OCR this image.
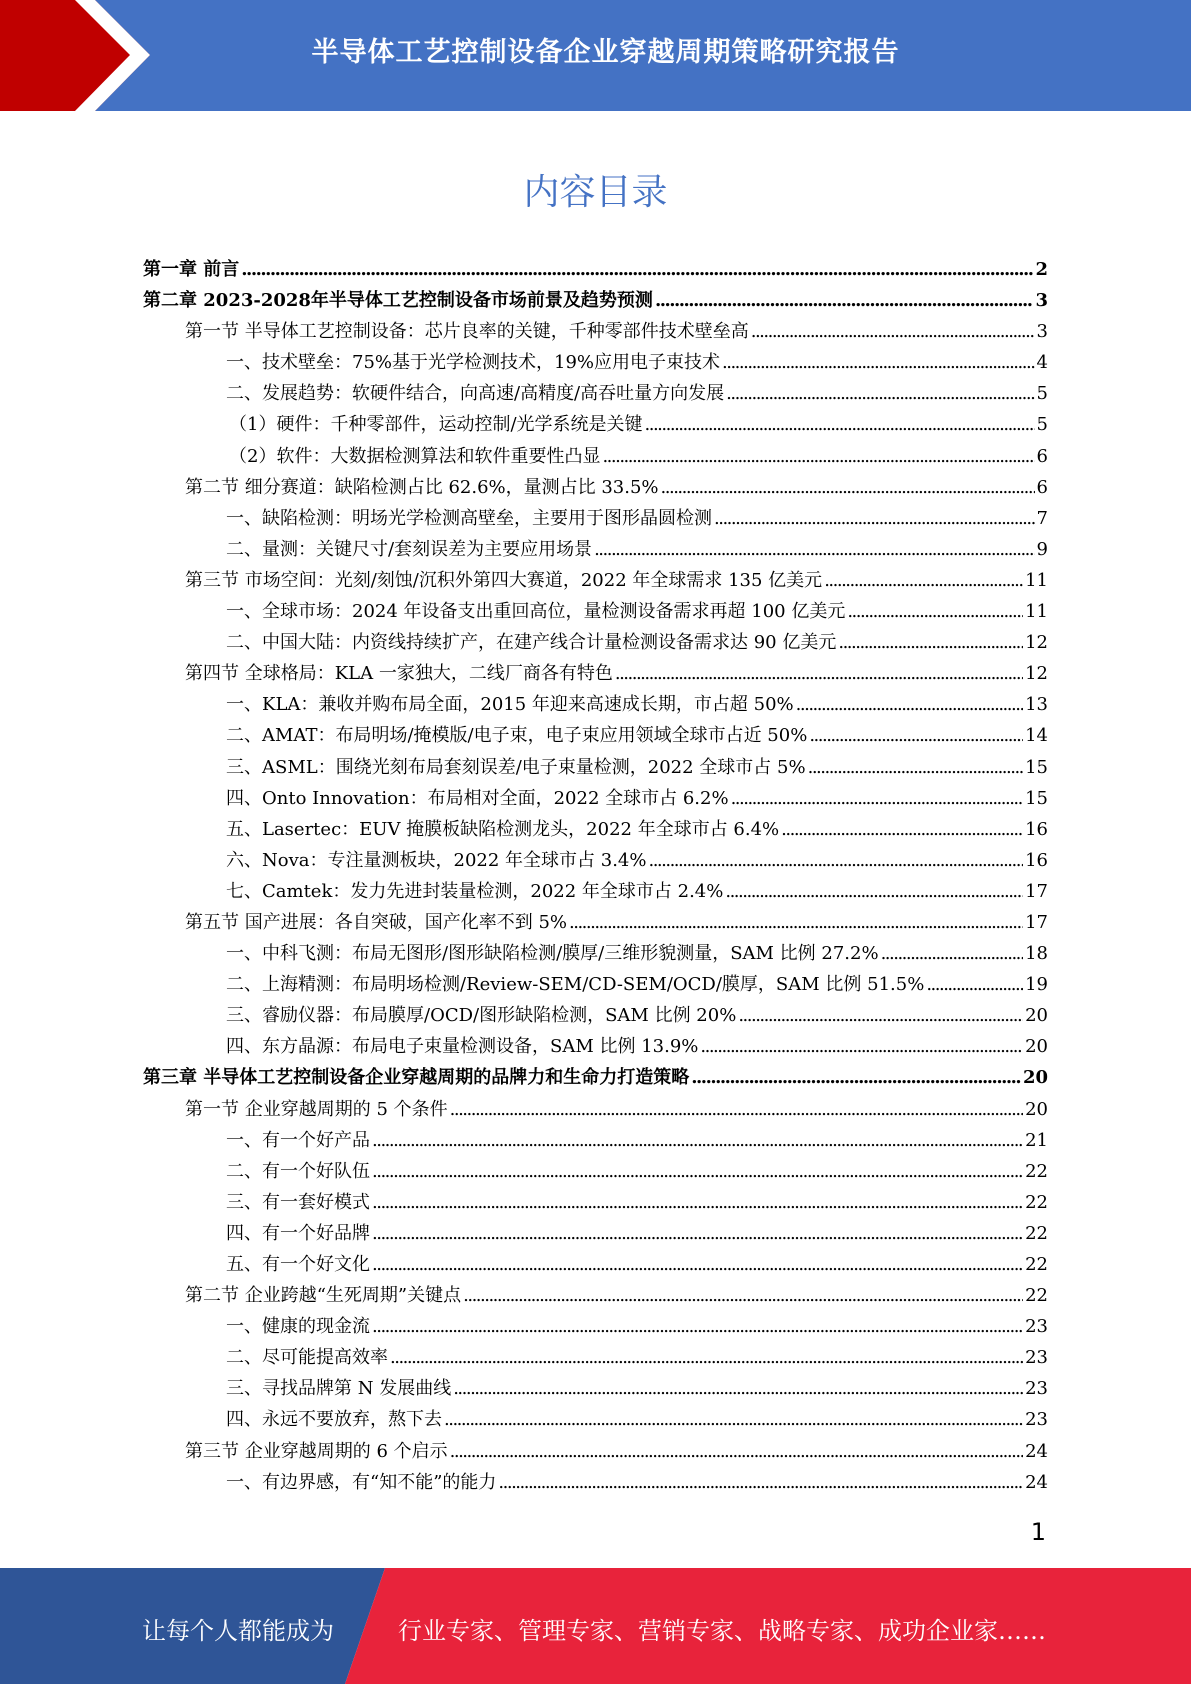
半导体工艺控制设备企业穿越周期策略研究报告
内容目录
第一章 前言 .....	2
第二章 2023-2028年半导体工艺控制设备市场前景及趋势预测 .....	3
第一节 半导体工艺控制设备：芯片良率的关键，千种零部件技术壁垒高 .....	3
一、技术壁垒：75%基于光学检测技术，19%应用电子束技术 .....	4
二、发展趋势：软硬件结合，向高速/高精度/高吞吐量方向发展 .....	5
（1）硬件：千种零部件，运动控制/光学系统是关键 .....	5
（2）软件：大数据检测算法和软件重要性凸显 .....	6
第二节 细分赛道：缺陷检测占比 62.6%，量测占比 33.5% .....	6
一、缺陷检测：明场光学检测高壁垒，主要用于图形晶圆检测 .....	7
二、量测：关键尺寸/套刻误差为主要应用场景 .....	9
第三节 市场空间：光刻/刻蚀/沉积外第四大赛道，2022 年全球需求 135 亿美元 .....	11
一、全球市场：2024 年设备支出重回高位，量检测设备需求再超 100 亿美元 .....	11
二、中国大陆：内资线持续扩产，在建产线合计量检测设备需求达 90 亿美元 .....	12
第四节 全球格局：KLA 一家独大，二线厂商各有特色 .....	12
一、KLA：兼收并购布局全面，2015 年迎来高速成长期，市占超 50% .....	13
二、AMAT：布局明场/掩模版/电子束，电子束应用领域全球市占近 50% .....	14
三、ASML：围绕光刻布局套刻误差/电子束量检测，2022 全球市占 5% .....	15
四、Onto Innovation：布局相对全面，2022 全球市占 6.2% .....	15
五、Lasertec：EUV 掩膜板缺陷检测龙头，2022 年全球市占 6.4% .....	16
六、Nova：专注量测板块，2022 年全球市占 3.4% .....	16
七、Camtek：发力先进封装量检测，2022 年全球市占 2.4% .....	17
第五节 国产进展：各自突破，国产化率不到 5% .....	17
一、中科飞测：布局无图形/图形缺陷检测/膜厚/三维形貌测量，SAM 比例 27.2% .....	18
二、上海精测：布局明场检测/Review-SEM/CD-SEM/OCD/膜厚，SAM 比例 51.5% .....	19
三、睿励仪器：布局膜厚/OCD/图形缺陷检测，SAM 比例 20% .....	20
四、东方晶源：布局电子束量检测设备，SAM 比例 13.9% .....	20
第三章 半导体工艺控制设备企业穿越周期的品牌力和生命力打造策略 .....	20
第一节 企业穿越周期的 5 个条件 .....	20
一、有一个好产品 .....	21
二、有一个好队伍 .....	22
三、有一套好模式 .....	22
四、有一个好品牌 .....	22
五、有一个好文化 .....	22
第二节 企业跨越“生死周期”关键点 .....	22
一、健康的现金流 .....	23
二、尽可能提高效率 .....	23
三、寻找品牌第 N 发展曲线 .....	23
四、永远不要放弃，熬下去 .....	23
第三节 企业穿越周期的 6 个启示 .....	24
一、有边界感，有“知不能”的能力 .....	24
1
让每个人都能成为	行业专家、管理专家、营销专家、战略专家、成功企业家……
